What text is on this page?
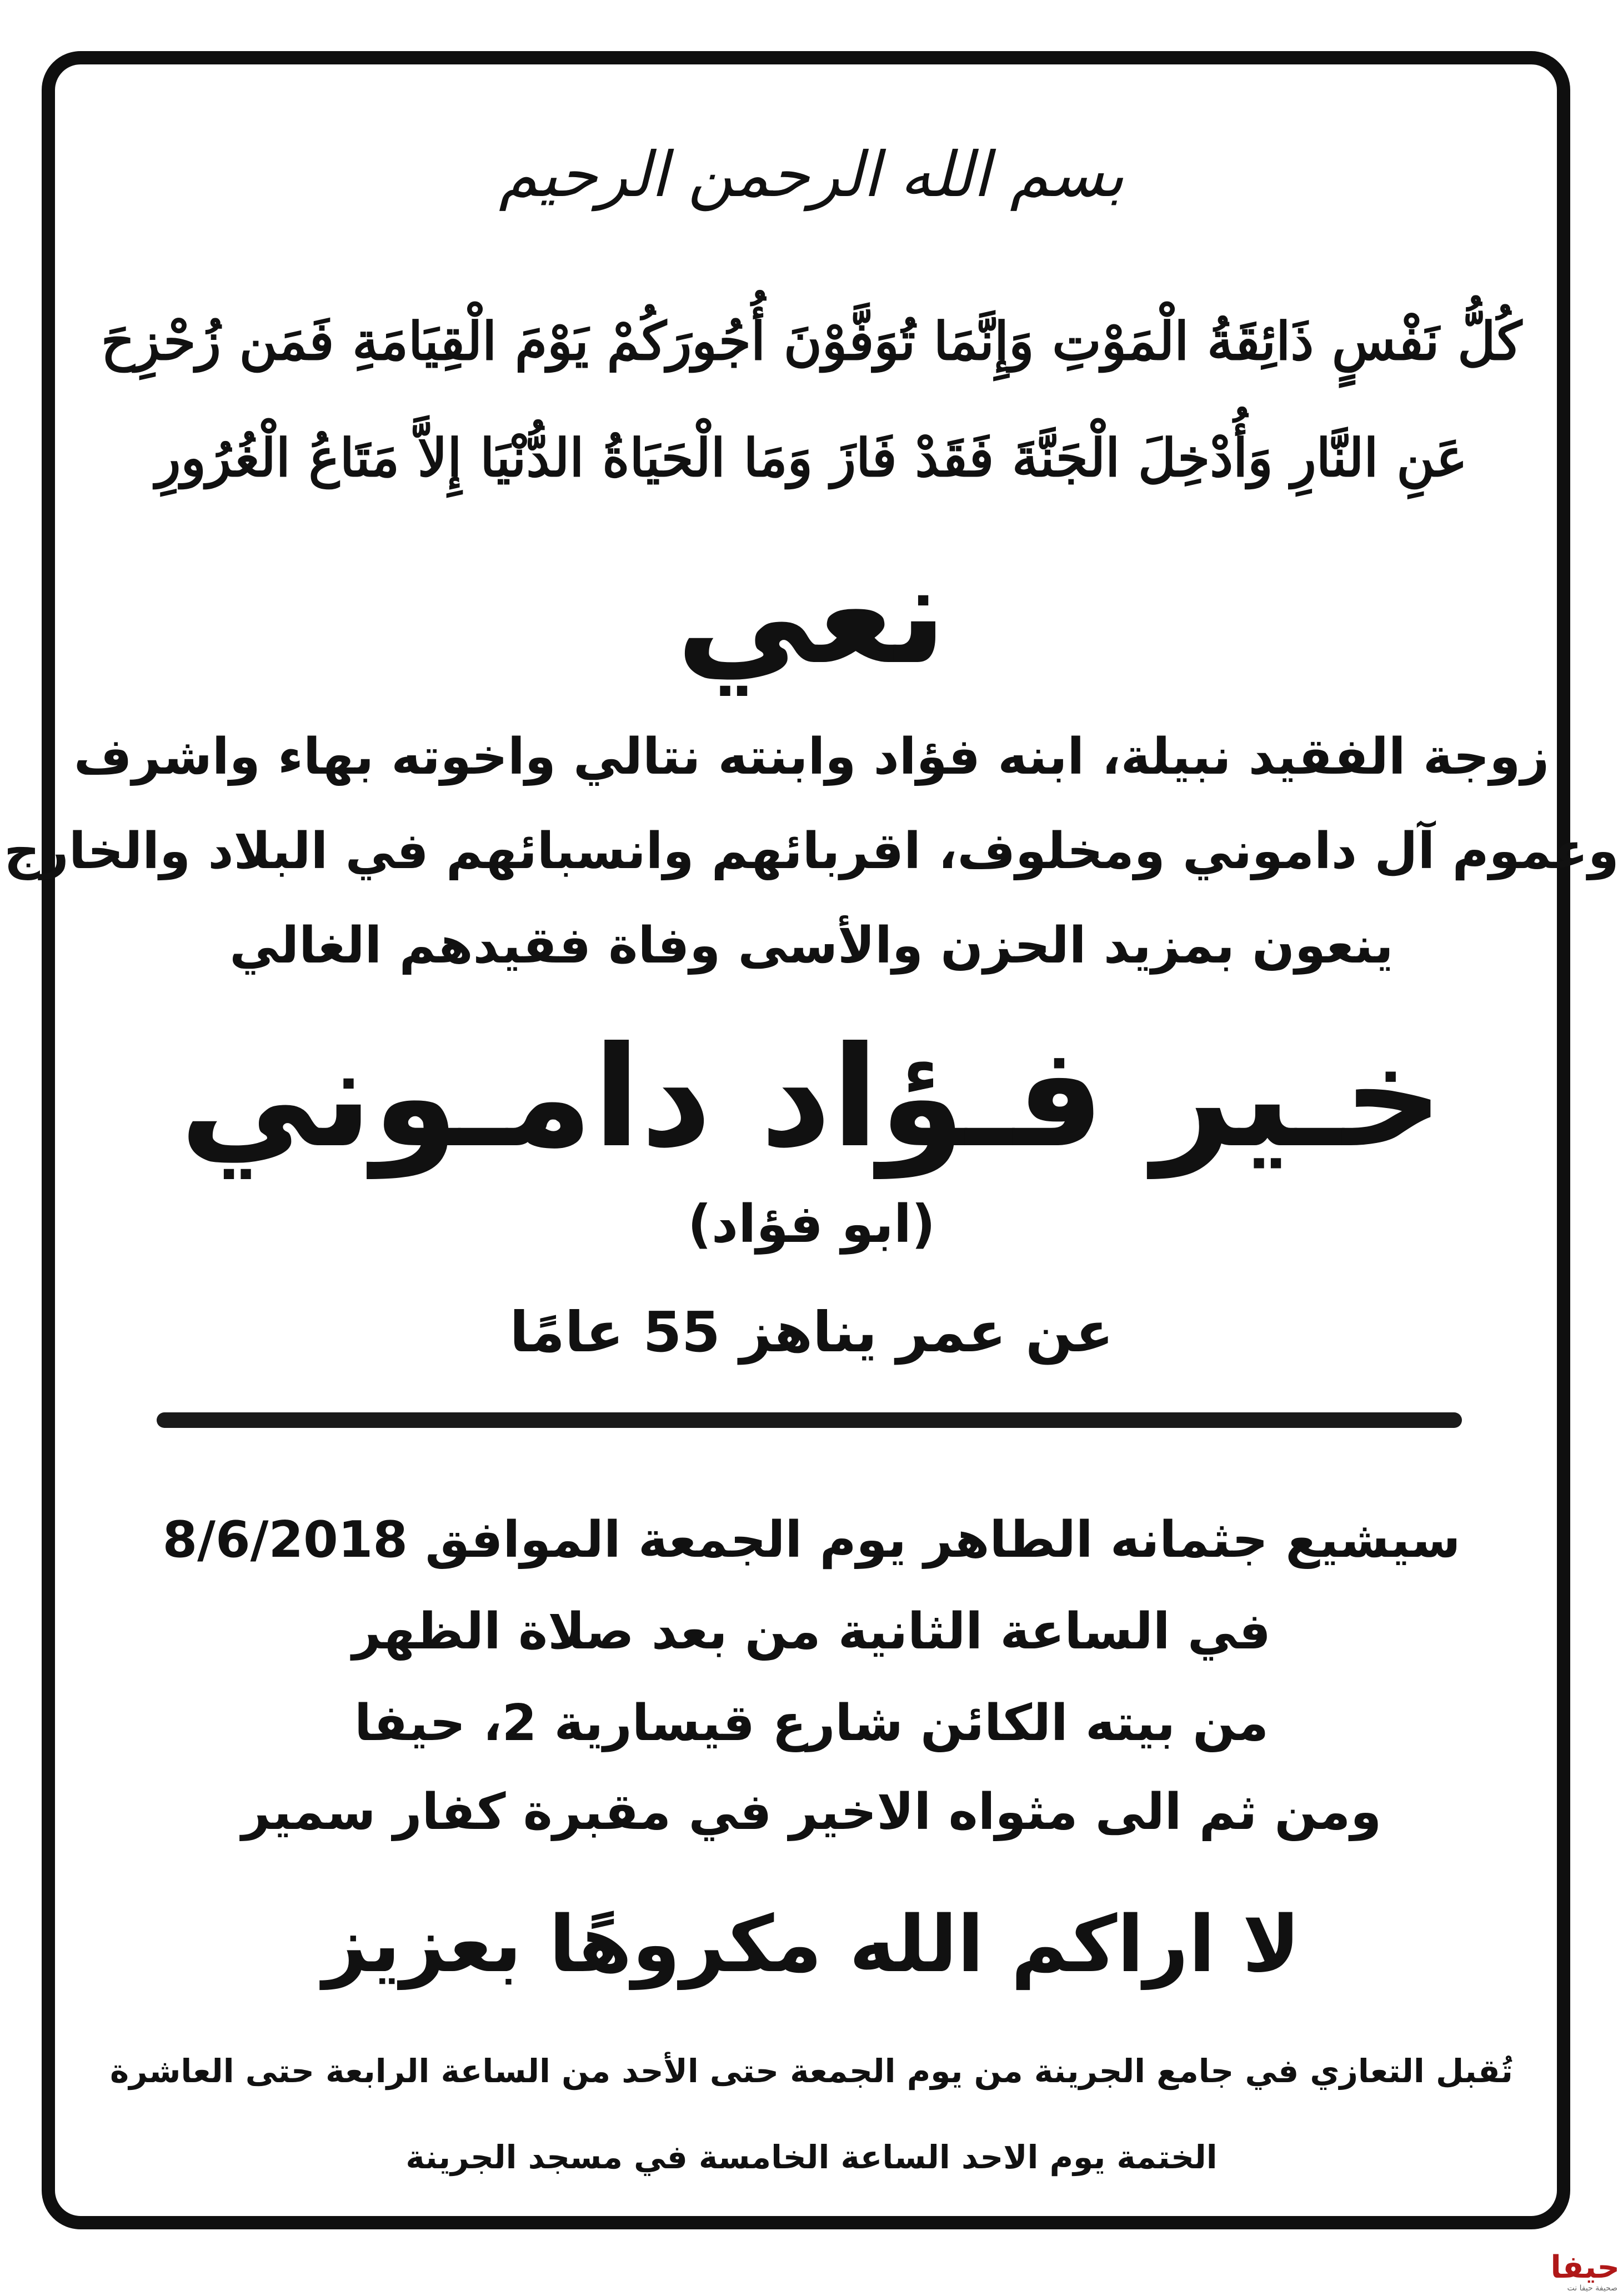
بسم الله الرحمن الرحيم
كُلُّ نَفْسٍ ذَائِقَةُ الْمَوْتِ وَإِنَّمَا تُوَفَّوْنَ أُجُورَكُمْ يَوْمَ الْقِيَامَةِ فَمَن زُحْزِحَ
عَنِ النَّارِ وَأُدْخِلَ الْجَنَّةَ فَقَدْ فَازَ وَمَا الْحَيَاةُ الدُّنْيَا إِلاَّ مَتَاعُ الْغُرُورِ
نعي
زوجة الفقيد نبيلة، ابنه فؤاد وابنته نتالي واخوته بهاء واشرف
وعموم آل داموني ومخلوف، اقربائهم وانسبائهم في البلاد والخارج
ينعون بمزيد الحزن والأسى وفاة فقيدهم الغالي
خـير فـؤاد دامـوني
(ابو فؤاد)
عن عمر يناهز 55 عامًا
سيشيع جثمانه الطاهر يوم الجمعة الموافق 8/6/2018
في الساعة الثانية من بعد صلاة الظهر
من بيته الكائن شارع قيسارية 2، حيفا
ومن ثم الى مثواه الاخير في مقبرة كفار سمير
لا اراكم الله مكروهًا بعزيز
تُقبل التعازي في جامع الجرينة من يوم الجمعة حتى الأحد من الساعة الرابعة حتى العاشرة
الختمة يوم الاحد الساعة الخامسة في مسجد الجرينة
حيفا
صحيفة حيفا نت
